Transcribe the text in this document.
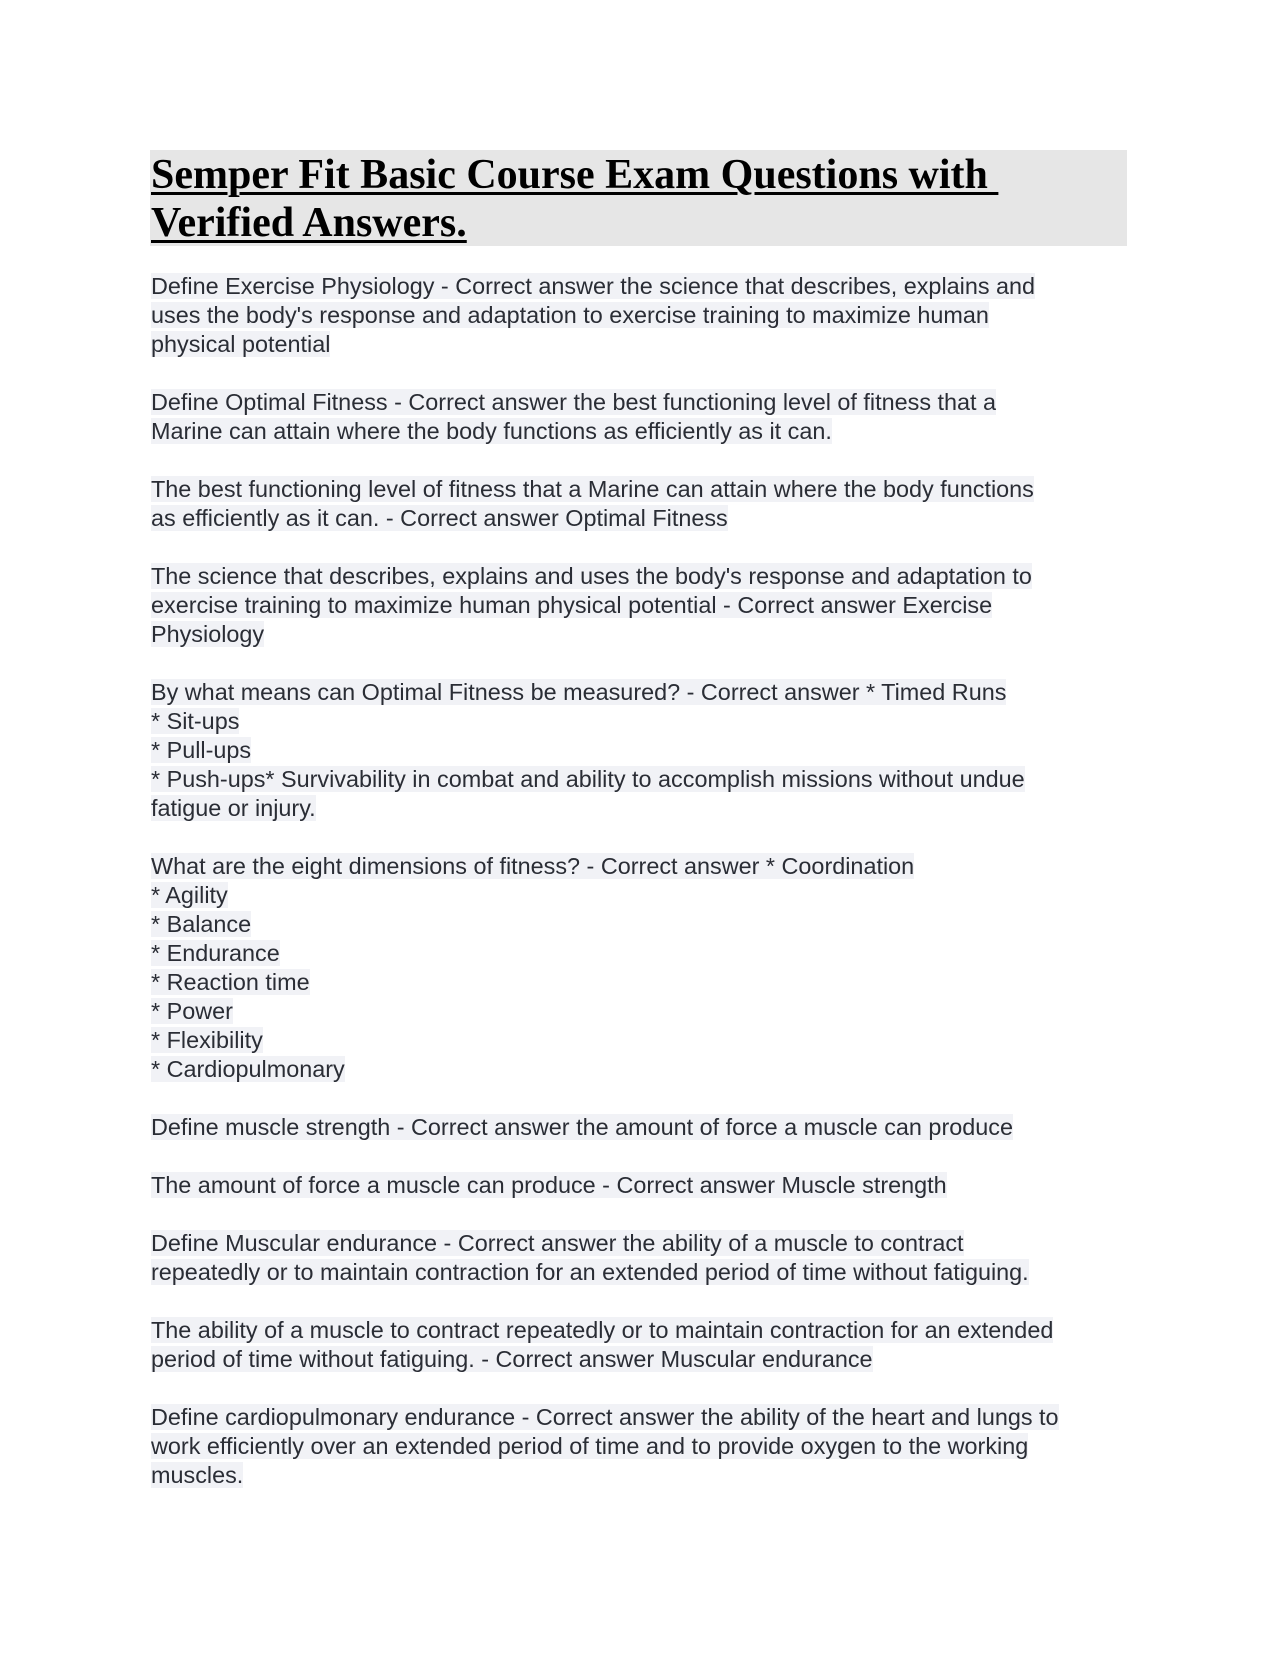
Semper Fit Basic Course Exam Questions with
Verified Answers.

Define Exercise Physiology - Correct answer the science that describes, explains and
uses the body's response and adaptation to exercise training to maximize human
physical potential

Define Optimal Fitness - Correct answer the best functioning level of fitness that a
Marine can attain where the body functions as efficiently as it can.

The best functioning level of fitness that a Marine can attain where the body functions
as efficiently as it can. - Correct answer Optimal Fitness

The science that describes, explains and uses the body's response and adaptation to
exercise training to maximize human physical potential - Correct answer Exercise
Physiology

By what means can Optimal Fitness be measured? - Correct answer * Timed Runs
* Sit-ups
* Pull-ups
* Push-ups* Survivability in combat and ability to accomplish missions without undue
fatigue or injury.

What are the eight dimensions of fitness? - Correct answer * Coordination
* Agility
* Balance
* Endurance
* Reaction time
* Power
* Flexibility
* Cardiopulmonary

Define muscle strength - Correct answer the amount of force a muscle can produce

The amount of force a muscle can produce - Correct answer Muscle strength

Define Muscular endurance - Correct answer the ability of a muscle to contract
repeatedly or to maintain contraction for an extended period of time without fatiguing.

The ability of a muscle to contract repeatedly or to maintain contraction for an extended
period of time without fatiguing. - Correct answer Muscular endurance

Define cardiopulmonary endurance - Correct answer the ability of the heart and lungs to
work efficiently over an extended period of time and to provide oxygen to the working
muscles.
